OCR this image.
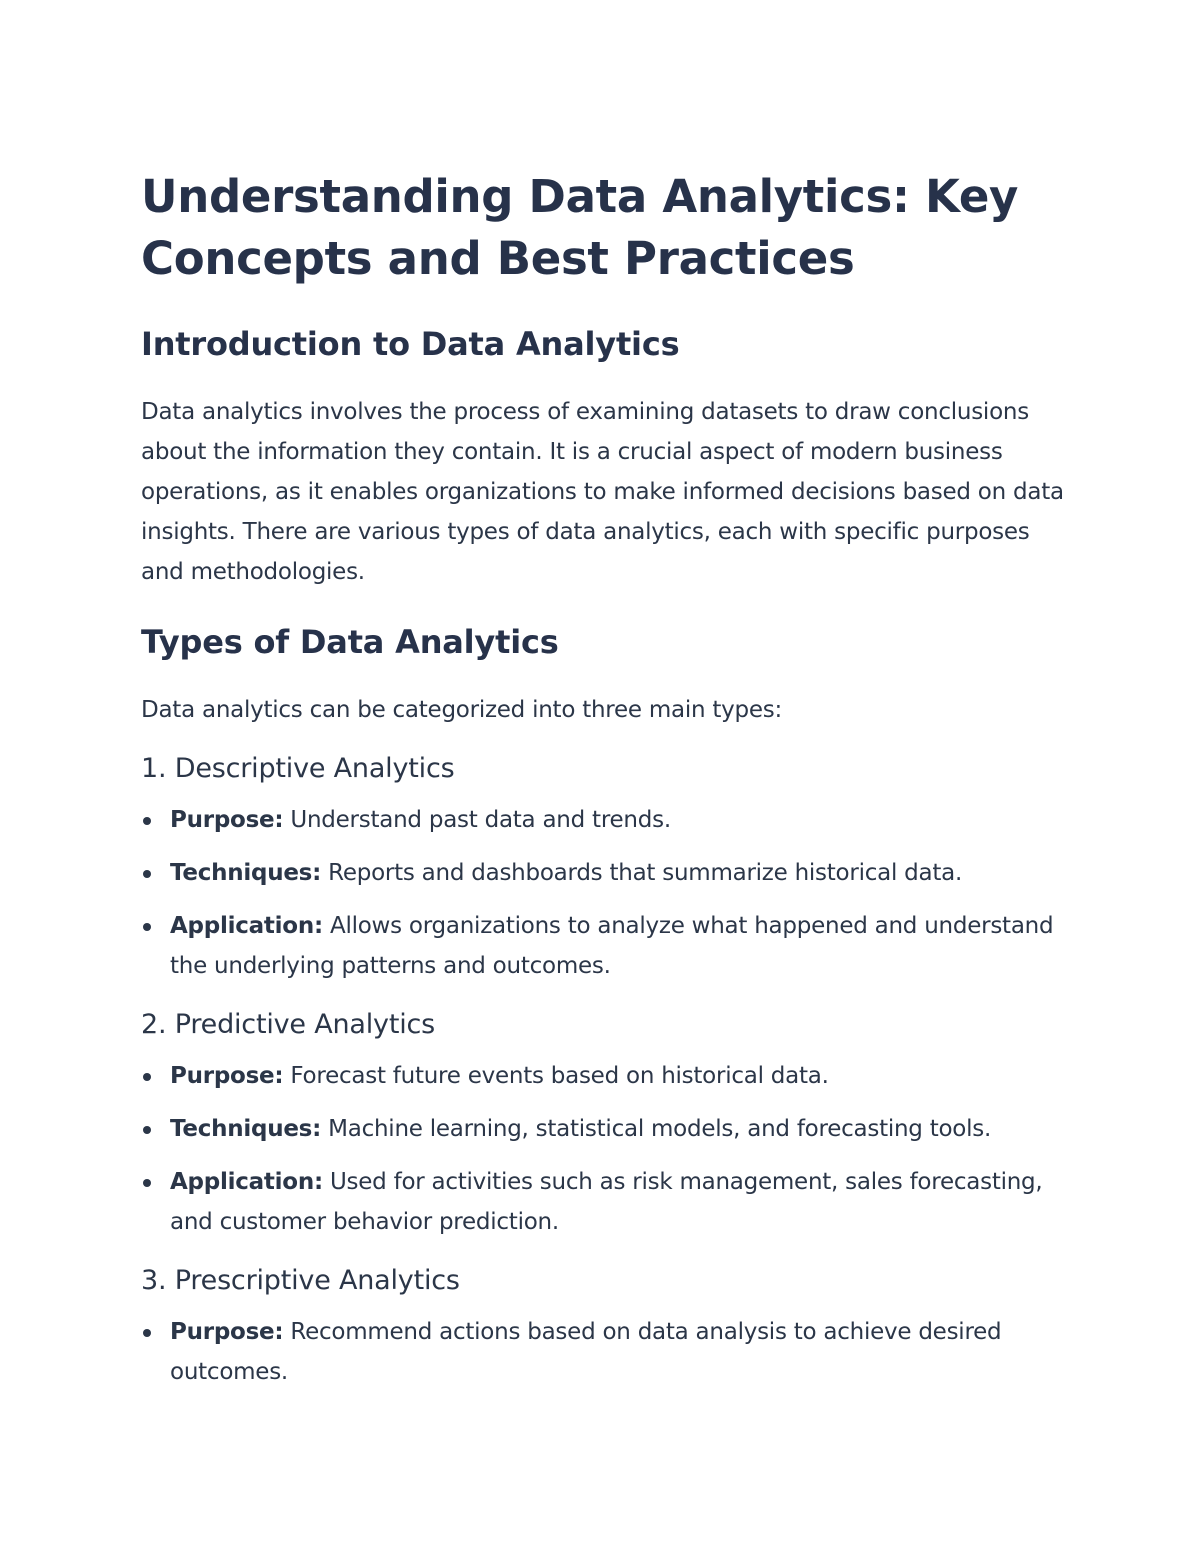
Understanding Data Analytics: Key Concepts and Best Practices
Introduction to Data Analytics

Data analytics involves the process of examining datasets to draw conclusions about the information they contain. It is a crucial aspect of modern business operations, as it enables organizations to make informed decisions based on data insights. There are various types of data analytics, each with specific purposes and methodologies.

Types of Data Analytics

Data analytics can be categorized into three main types:

1. Descriptive Analytics
Purpose: Understand past data and trends.
Techniques: Reports and dashboards that summarize historical data.
Application: Allows organizations to analyze what happened and understand the underlying patterns and outcomes.
2. Predictive Analytics
Purpose: Forecast future events based on historical data.
Techniques: Machine learning, statistical models, and forecasting tools.
Application: Used for activities such as risk management, sales forecasting, and customer behavior prediction.
3. Prescriptive Analytics
Purpose: Recommend actions based on data analysis to achieve desired outcomes.
